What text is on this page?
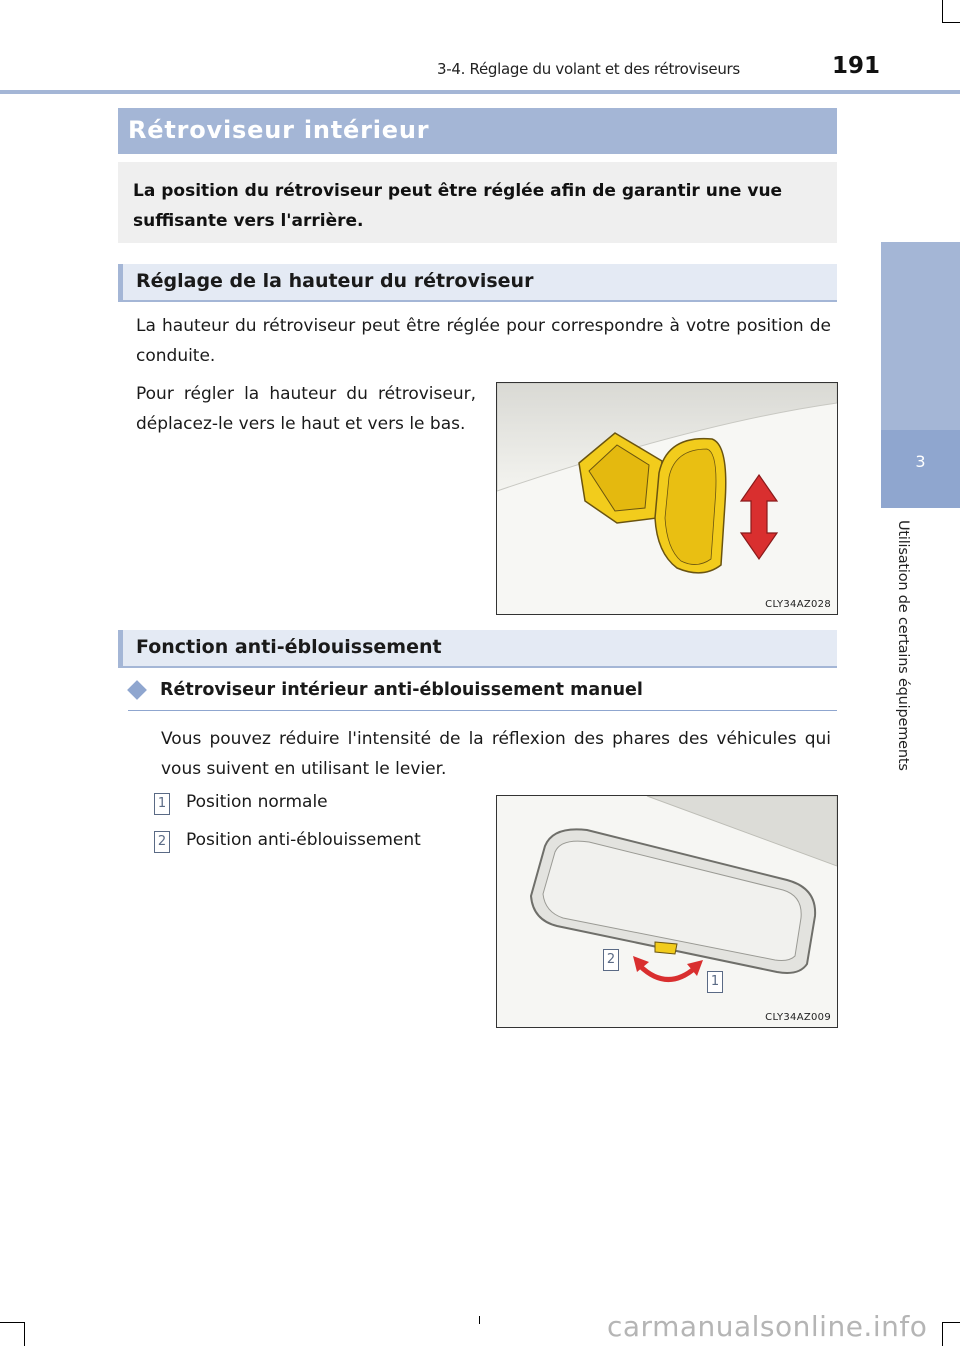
3-4. Réglage du volant et des rétroviseurs	191
3
Utilisation de certains équipements
Rétroviseur intérieur
La position du rétroviseur peut être réglée afin de garantir une vue suffisante vers l'arrière.
Réglage de la hauteur du rétroviseur
La hauteur du rétroviseur peut être réglée pour correspondre à votre position de conduite.
Pour régler la hauteur du rétroviseur, déplacez-le vers le haut et vers le bas.
CLY34AZ028
Fonction anti-éblouissement
Rétroviseur intérieur anti-éblouissement manuel
Vous pouvez réduire l'intensité de la réflexion des phares des véhicules qui vous suivent en utilisant le levier.
1 Position normale
2 Position anti-éblouissement
2
1
CLY34AZ009
carmanualsonline.info
